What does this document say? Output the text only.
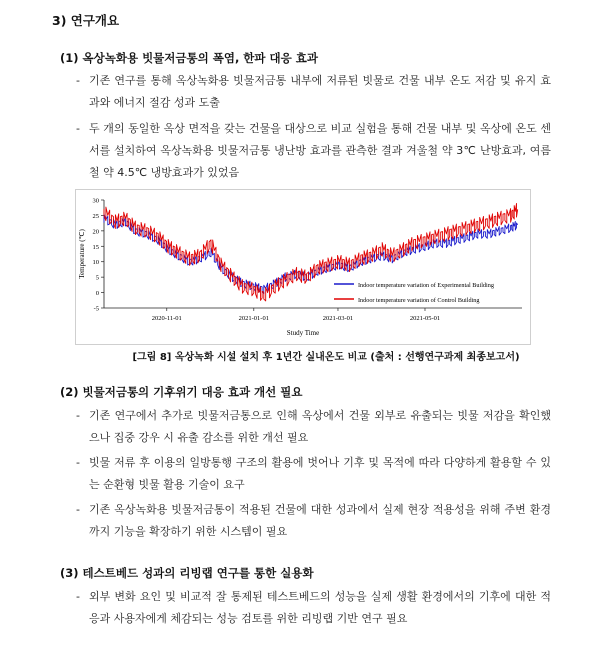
3) 연구개요
(1) 옥상녹화용 빗물저금통의 폭염, 한파 대응 효과
- 기존 연구를 통해 옥상녹화용 빗물저금통 내부에 저류된 빗물로 건물 내부 온도 저감 및 유지 효과와 에너지 절감 성과 도출
- 두 개의 동일한 옥상 면적을 갖는 건물을 대상으로 비교 실험을 통해 건물 내부 및 옥상에 온도 센서를 설치하여 옥상녹화용 빗물저금통 냉난방 효과를 관측한 결과 겨울철 약 3℃ 난방효과, 여름철 약 4.5℃ 냉방효과가 있었음
-5
0
5
10
15
20
25
30
2020-11-01	2021-01-01	2021-03-01	2021-05-01
Temperature (℃)
Study Time
Indoor temperature variation of Experimental Building
Indoor temperature variation of Control Building
[그림 8] 옥상녹화 시설 설치 후 1년간 실내온도 비교 (출처 : 선행연구과제 최종보고서)
(2) 빗물저금통의 기후위기 대응 효과 개선 필요
- 기존 연구에서 추가로 빗물저금통으로 인해 옥상에서 건물 외부로 유출되는 빗물 저감을 확인했으나 집중 강우 시 유출 감소를 위한 개선 필요
- 빗물 저류 후 이용의 일방통행 구조의 활용에 벗어나 기후 및 목적에 따라 다양하게 활용할 수 있는 순환형 빗물 활용 기술이 요구
- 기존 옥상녹화용 빗물저금통이 적용된 건물에 대한 성과에서 실제 현장 적용성을 위해 주변 환경까지 기능을 확장하기 위한 시스템이 필요
(3) 테스트베드 성과의 리빙랩 연구를 통한 실용화
- 외부 변화 요인 및 비교적 잘 통제된 테스트베드의 성능을 실제 생활 환경에서의 기후에 대한 적응과 사용자에게 체감되는 성능 검토를 위한 리빙랩 기반 연구 필요
